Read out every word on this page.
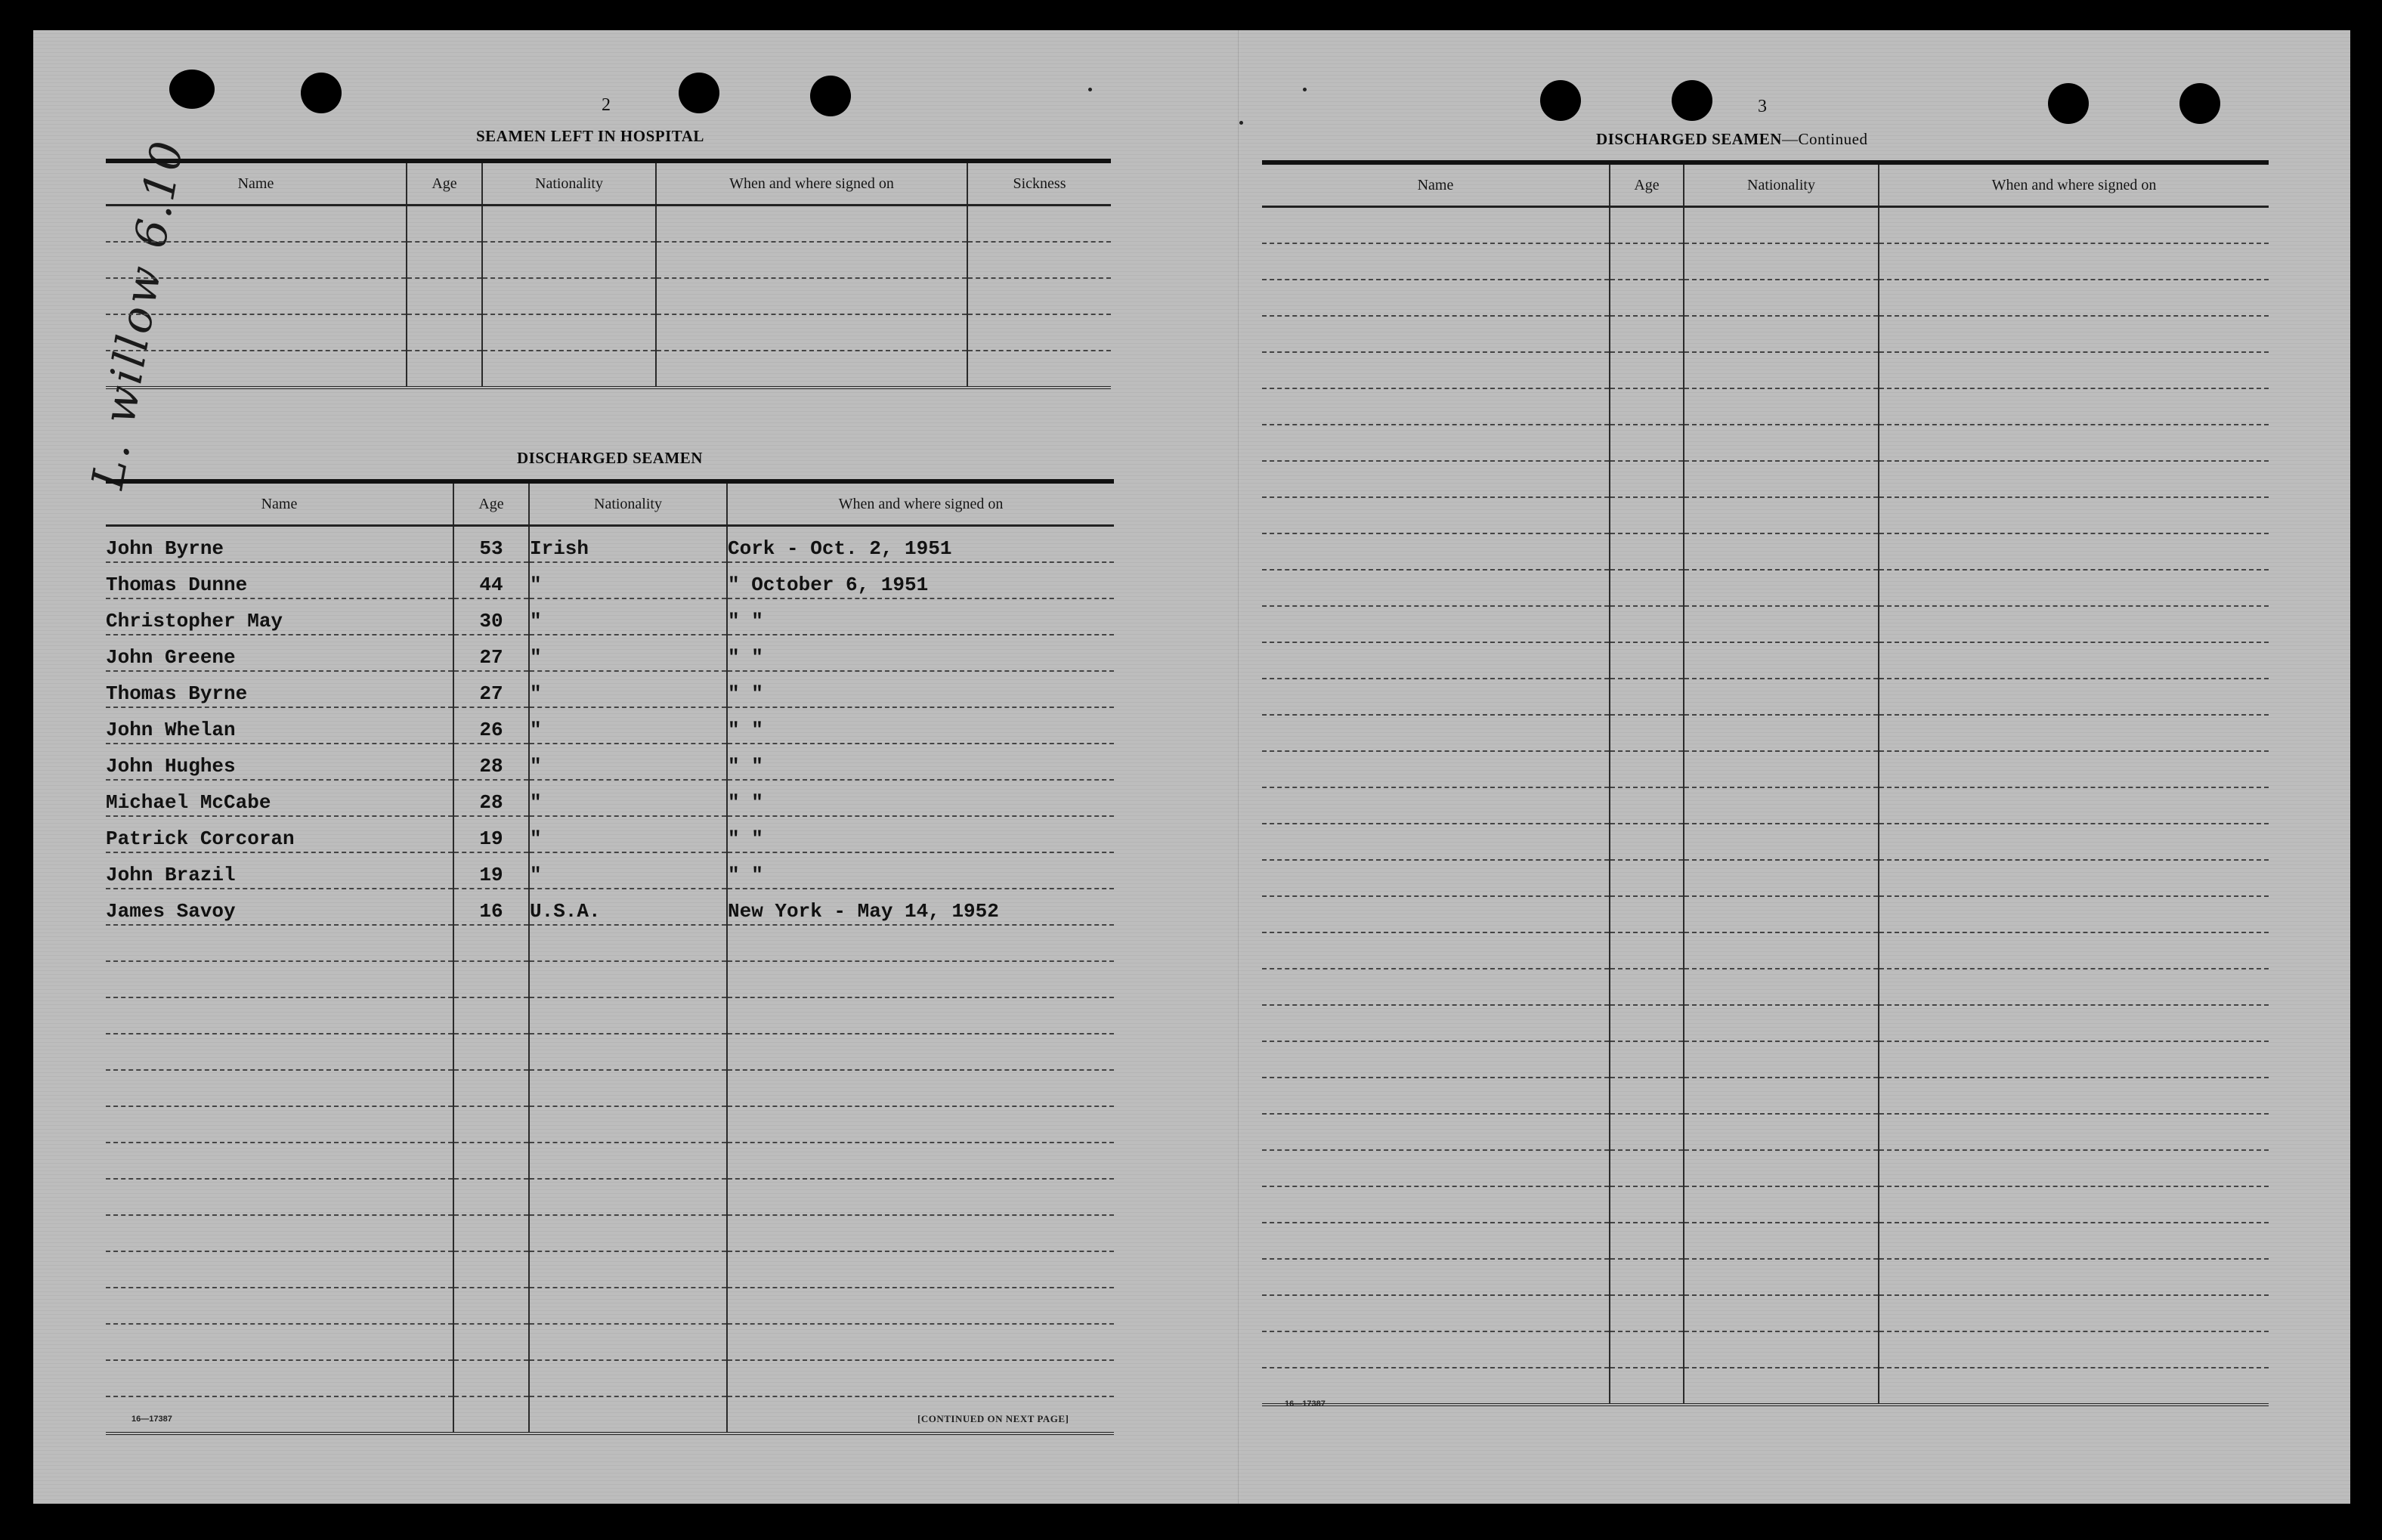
L. willow 6.10
2
SEAMEN LEFT IN HOSPITAL
Name	Age	Nationality	When and where signed on	Sickness

DISCHARGED SEAMEN
Name	Age	Nationality	When and where signed on
John Byrne	53	Irish	Cork - Oct. 2, 1951
Thomas Dunne	44	"	" October 6, 1951
Christopher May	30	"	" "
John Greene	27	"	" "
Thomas Byrne	27	"	" "
John Whelan	26	"	" "
John Hughes	28	"	" "
Michael McCabe	28	"	" "
Patrick Corcoran	19	"	" "
John Brazil	19	"	" "
James Savoy	16	U.S.A.	New York - May 14, 1952

16—17387	[CONTINUED ON NEXT PAGE]
3
DISCHARGED SEAMEN—Continued
Name	Age	Nationality	When and where signed on

16—17387
